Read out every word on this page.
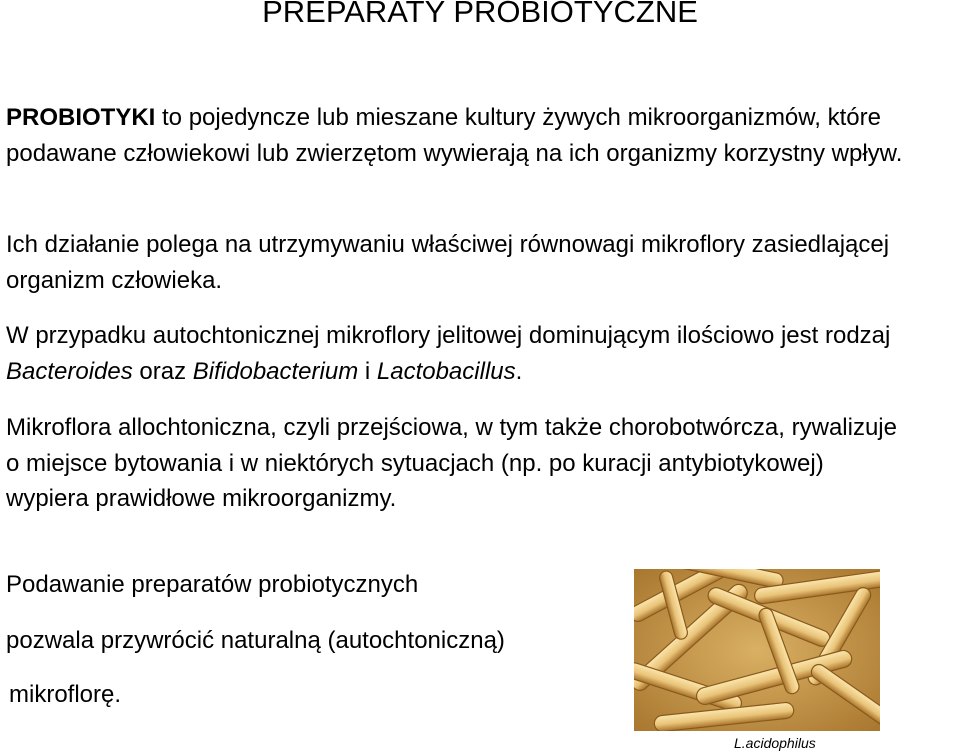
PREPARATY PROBIOTYCZNE

PROBIOTYKI to pojedyncze lub mieszane kultury żywych mikroorganizmów, które podawane człowiekowi lub zwierzętom wywierają na ich organizmy korzystny wpływ.

Ich działanie polega na utrzymywaniu właściwej równowagi mikroflory zasiedlającej organizm człowieka.

W przypadku autochtonicznej mikroflory jelitowej dominującym ilościowo jest rodzaj Bacteroides oraz Bifidobacterium i Lactobacillus.

Mikroflora allochtoniczna, czyli przejściowa, w tym także chorobotwórcza, rywalizuje o miejsce bytowania i w niektórych sytuacjach (np. po kuracji antybiotykowej) wypiera prawidłowe mikroorganizmy.

Podawanie preparatów probiotycznych

pozwala przywrócić naturalną (autochtoniczną)

mikroflorę.

L.acidophilus
